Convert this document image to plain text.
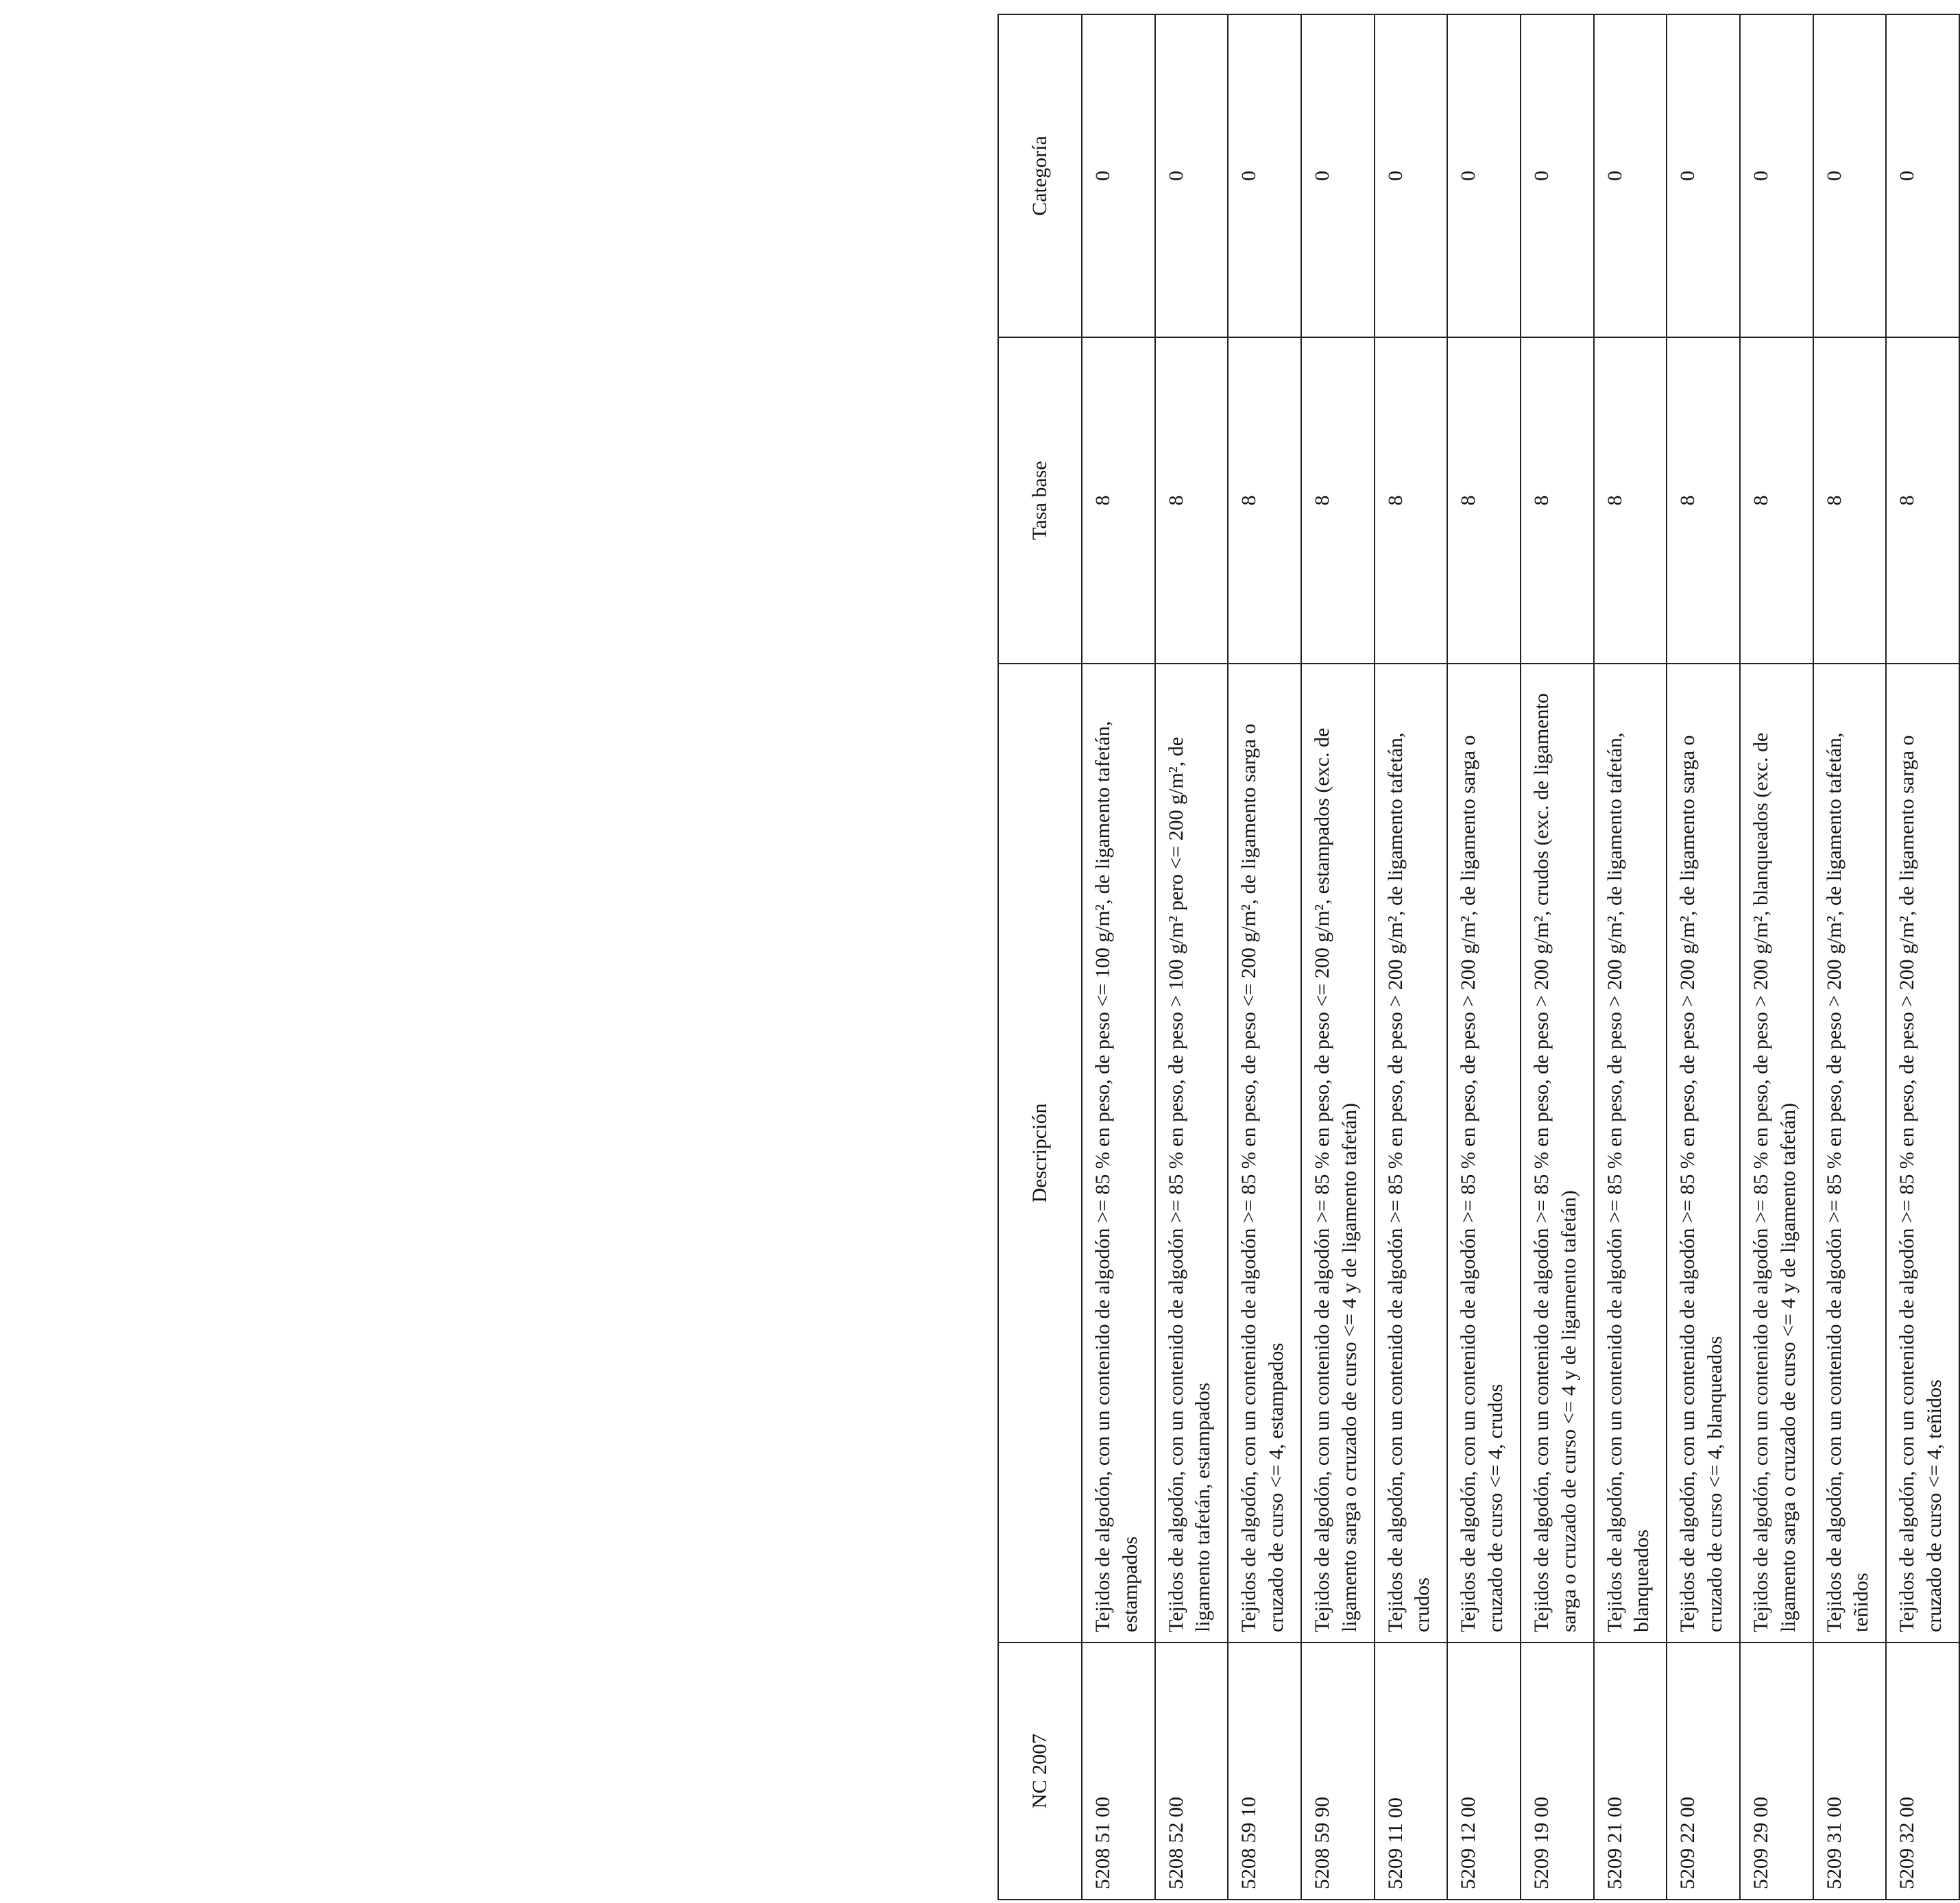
NC 2007	Descripción	Tasa base	Categoría
5208 51 00	Tejidos de algodón, con un contenido de algodón >= 85 % en peso, de peso <= 100 g/m², de ligamento tafetán, estampados	8	0
5208 52 00	Tejidos de algodón, con un contenido de algodón >= 85 % en peso, de peso > 100 g/m² pero <= 200 g/m², de ligamento tafetán, estampados	8	0
5208 59 10	Tejidos de algodón, con un contenido de algodón >= 85 % en peso, de peso <= 200 g/m², de ligamento sarga o cruzado de curso <= 4, estampados	8	0
5208 59 90	Tejidos de algodón, con un contenido de algodón >= 85 % en peso, de peso <= 200 g/m², estampados (exc. de ligamento sarga o cruzado de curso <= 4 y de ligamento tafetán)	8	0
5209 11 00	Tejidos de algodón, con un contenido de algodón >= 85 % en peso, de peso > 200 g/m², de ligamento tafetán, crudos	8	0
5209 12 00	Tejidos de algodón, con un contenido de algodón >= 85 % en peso, de peso > 200 g/m², de ligamento sarga o cruzado de curso <= 4, crudos	8	0
5209 19 00	Tejidos de algodón, con un contenido de algodón >= 85 % en peso, de peso > 200 g/m², crudos (exc. de ligamento sarga o cruzado de curso <= 4 y de ligamento tafetán)	8	0
5209 21 00	Tejidos de algodón, con un contenido de algodón >= 85 % en peso, de peso > 200 g/m², de ligamento tafetán, blanqueados	8	0
5209 22 00	Tejidos de algodón, con un contenido de algodón >= 85 % en peso, de peso > 200 g/m², de ligamento sarga o cruzado de curso <= 4, blanqueados	8	0
5209 29 00	Tejidos de algodón, con un contenido de algodón >= 85 % en peso, de peso > 200 g/m², blanqueados (exc. de ligamento sarga o cruzado de curso <= 4 y de ligamento tafetán)	8	0
5209 31 00	Tejidos de algodón, con un contenido de algodón >= 85 % en peso, de peso > 200 g/m², de ligamento tafetán, teñidos	8	0
5209 32 00	Tejidos de algodón, con un contenido de algodón >= 85 % en peso, de peso > 200 g/m², de ligamento sarga o cruzado de curso <= 4, teñidos	8	0
